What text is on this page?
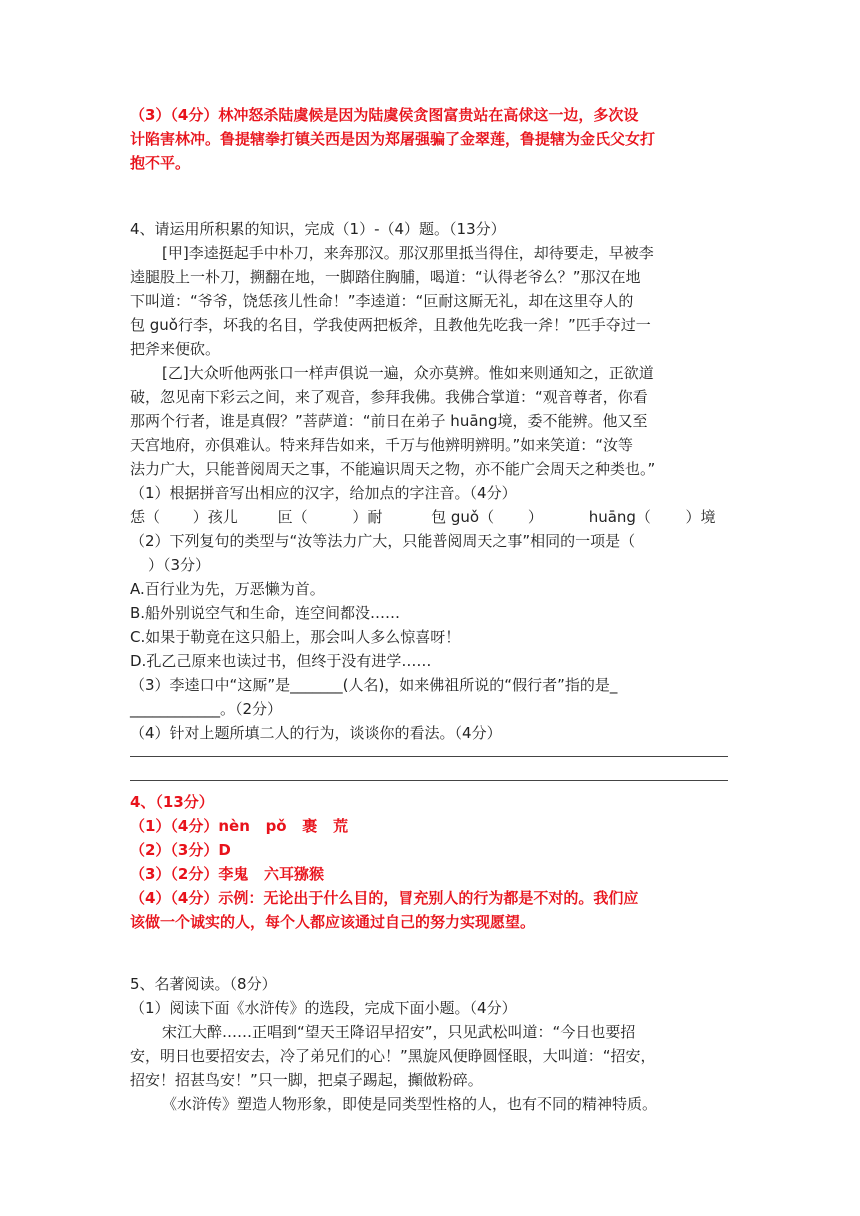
（3）（4分）林冲怒杀陆虞候是因为陆虞侯贪图富贵站在高俅这一边，多次设
计陷害林冲。鲁提辖拳打镇关西是因为郑屠强骗了金翠莲，鲁提辖为金氏父女打
抱不平。
4、请运用所积累的知识，完成（1）-（4）题。（13分）
[甲]李逵挺起手中朴刀，来奔那汉。那汉那里抵当得住，却待要走，早被李
逵腿股上一朴刀，搠翻在地，一脚踏住胸脯，喝道：“认得老爷么？”那汉在地
下叫道：“爷爷，饶恁孩儿性命！”李逵道：“叵耐这厮无礼，却在这里夺人的
包 guǒ行李，坏我的名目，学我使两把板斧，且教他先吃我一斧！”匹手夺过一
把斧来便砍。
[乙]大众听他两张口一样声俱说一遍，众亦莫辨。惟如来则通知之，正欲道
破，忽见南下彩云之间，来了观音，参拜我佛。我佛合掌道：“观音尊者，你看
那两个行者，谁是真假？”菩萨道：“前日在弟子 huāng境，委不能辨。他又至
天宫地府，亦俱难认。特来拜告如来，千万与他辨明辨明。”如来笑道：“汝等
法力广大，只能普阅周天之事，不能遍识周天之物，亦不能广会周天之种类也。”
（1）根据拼音写出相应的汉字，给加点的字注音。（4分）
恁（ ）孩儿	叵（	）耐	包 guǒ（ ）	huāng（ ）境
（2）下列复句的类型与“汝等法力广大，只能普阅周天之事”相同的一项是（
）（3分）
A.百行业为先，万恶懒为首。
B.船外别说空气和生命，连空间都没……
C.如果于勒竟在这只船上，那会叫人多么惊喜呀！
D.孔乙己原来也读过书，但终于没有进学……
（3）李逵口中“这厮”是_______(人名)，如来佛祖所说的“假行者”指的是_
____________。（2分）
（4）针对上题所填二人的行为，谈谈你的看法。（4分）
4、（13分）
（1）（4分）nèn   pǒ   裹   荒
（2）（3分）D
（3）（2分）李鬼   六耳猕猴
（4）（4分）示例：无论出于什么目的，冒充别人的行为都是不对的。我们应
该做一个诚实的人，每个人都应该通过自己的努力实现愿望。
5、名著阅读。（8分）
（1）阅读下面《水浒传》的选段，完成下面小题。（4分）
宋江大醉……正唱到“望天王降诏早招安”，只见武松叫道：“今日也要招
安，明日也要招安去，冷了弟兄们的心！”黑旋风便睁圆怪眼，大叫道：“招安，
招安！招甚鸟安！”只一脚，把桌子踢起，攧做粉碎。
《水浒传》塑造人物形象，即使是同类型性格的人，也有不同的精神特质。
